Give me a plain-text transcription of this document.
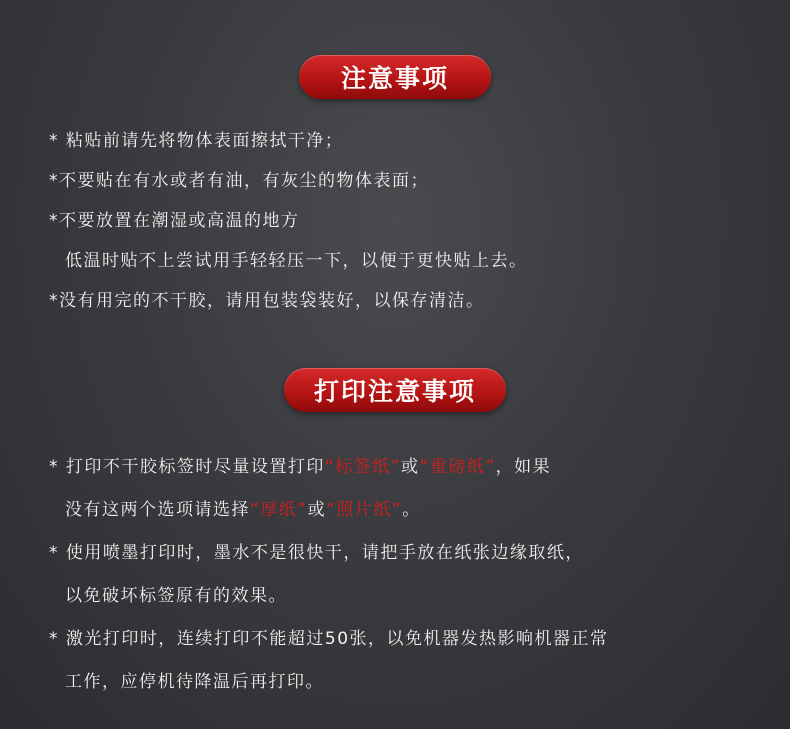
注意事项
* 粘贴前请先将物体表面擦拭干净；
*不要贴在有水或者有油，有灰尘的物体表面；
*不要放置在潮湿或高温的地方
低温时贴不上尝试用手轻轻压一下，以便于更快贴上去。
*没有用完的不干胶，请用包装袋装好，以保存清洁。
打印注意事项
* 打印不干胶标签时尽量设置打印“标签纸”或“重磅纸”，如果
没有这两个选项请选择“厚纸”或“照片纸”。
* 使用喷墨打印时，墨水不是很快干，请把手放在纸张边缘取纸，
以免破坏标签原有的效果。
* 激光打印时，连续打印不能超过50张，以免机器发热影响机器正常
工作，应停机待降温后再打印。
